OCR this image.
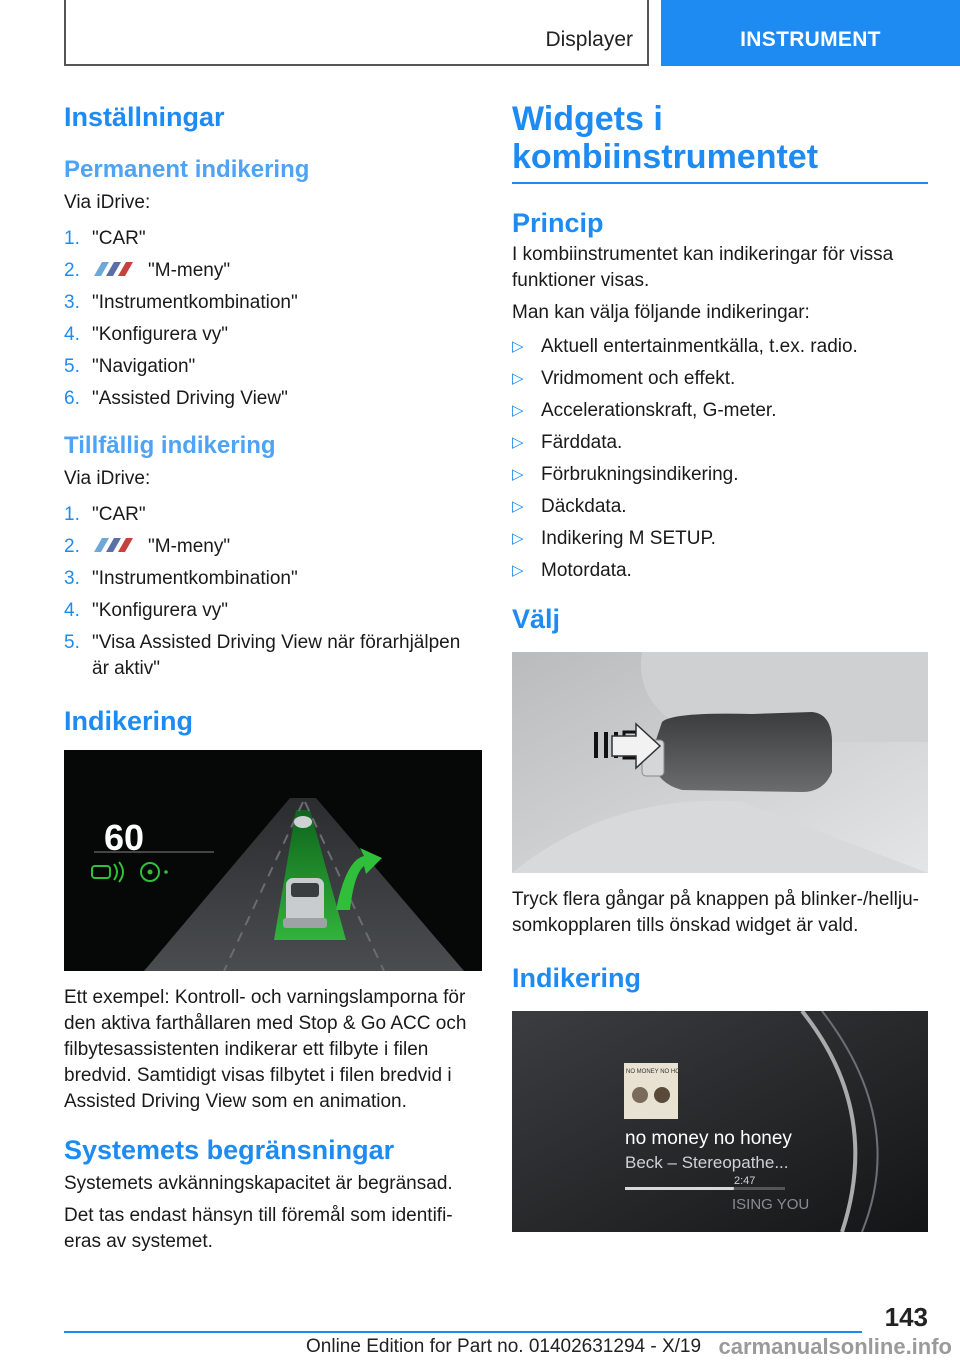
Displayer	INSTRUMENT
Inställningar
Permanent indikering
Via iDrive:
1. "CAR"
2.	"M-meny"
3. "Instrumentkombination"
4. "Konfigurera vy"
5. "Navigation"
6. "Assisted Driving View"
Tillfällig indikering
Via iDrive:
1. "CAR"
2.	"M-meny"
3. "Instrumentkombination"
4. "Konfigurera vy"
5. "Visa Assisted Driving View när förarhjälpen är aktiv"
Indikering
60
Ett exempel: Kontroll- och varningslamporna för den aktiva farthållaren med Stop & Go ACC och filbytesassistenten indikerar ett filbyte i filen bredvid. Samtidigt visas filbytet i filen bredvid i Assisted Driving View som en animation.
Systemets begränsningar
Systemets avkänningskapacitet är begränsad.
Det tas endast hänsyn till föremål som identifi‐eras av systemet.
Widgets i kombiinstrumentet
Princip
I kombiinstrumentet kan indikeringar för vissa funktioner visas.
Man kan välja följande indikeringar:
▷ Aktuell entertainmentkälla, t.ex. radio.
▷ Vridmoment och effekt.
▷ Accelerationskraft, G-meter.
▷ Färddata.
▷ Förbrukningsindikering.
▷ Däckdata.
▷ Indikering M SETUP.
▷ Motordata.
Välj
Tryck flera gångar på knappen på blinker-/hellju‐somkopplaren tills önskad widget är vald.
Indikering
NO MONEY NO HONEY
no money no honey
Beck – Stereopathe...
2:47
ISING YOU
143
Online Edition for Part no. 01402631294 - X/19 carmanualsonline.info
